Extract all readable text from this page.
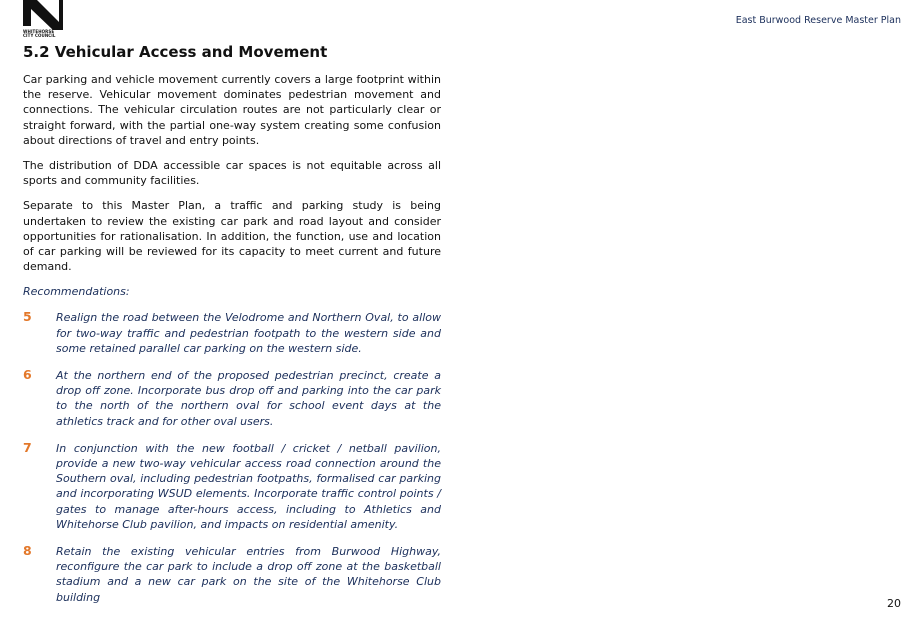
WHITEHORSE
CITY COUNCIL
East Burwood Reserve Master Plan
5.2 Vehicular Access and Movement

Car parking and vehicle movement currently covers a large footprint within the reserve. Vehicular movement dominates pedestrian movement and connections. The vehicular circulation routes are not particularly clear or straight forward, with the partial one-way system creating some confusion about directions of travel and entry points.

The distribution of DDA accessible car spaces is not equitable across all sports and community facilities.

Separate to this Master Plan, a traffic and parking study is being undertaken to review the existing car park and road layout and consider opportunities for rationalisation. In addition, the function, use and location of car parking will be reviewed for its capacity to meet current and future demand.

Recommendations:

5 Realign the road between the Velodrome and Northern Oval, to allow for two-way traffic and pedestrian footpath to the western side and some retained parallel car parking on the western side.
6 At the northern end of the proposed pedestrian precinct, create a drop off zone. Incorporate bus drop off and parking into the car park to the north of the northern oval for school event days at the athletics track and for other oval users.
7 In conjunction with the new football / cricket / netball pavilion, provide a new two-way vehicular access road connection around the Southern oval, including pedestrian footpaths, formalised car parking and incorporating WSUD elements. Incorporate traffic control points / gates to manage after-hours access, including to Athletics and Whitehorse Club pavilion, and impacts on residential amenity.
8 Retain the existing vehicular entries from Burwood Highway, reconfigure the car park to include a drop off zone at the basketball stadium and a new car park on the site of the Whitehorse Club building	20
